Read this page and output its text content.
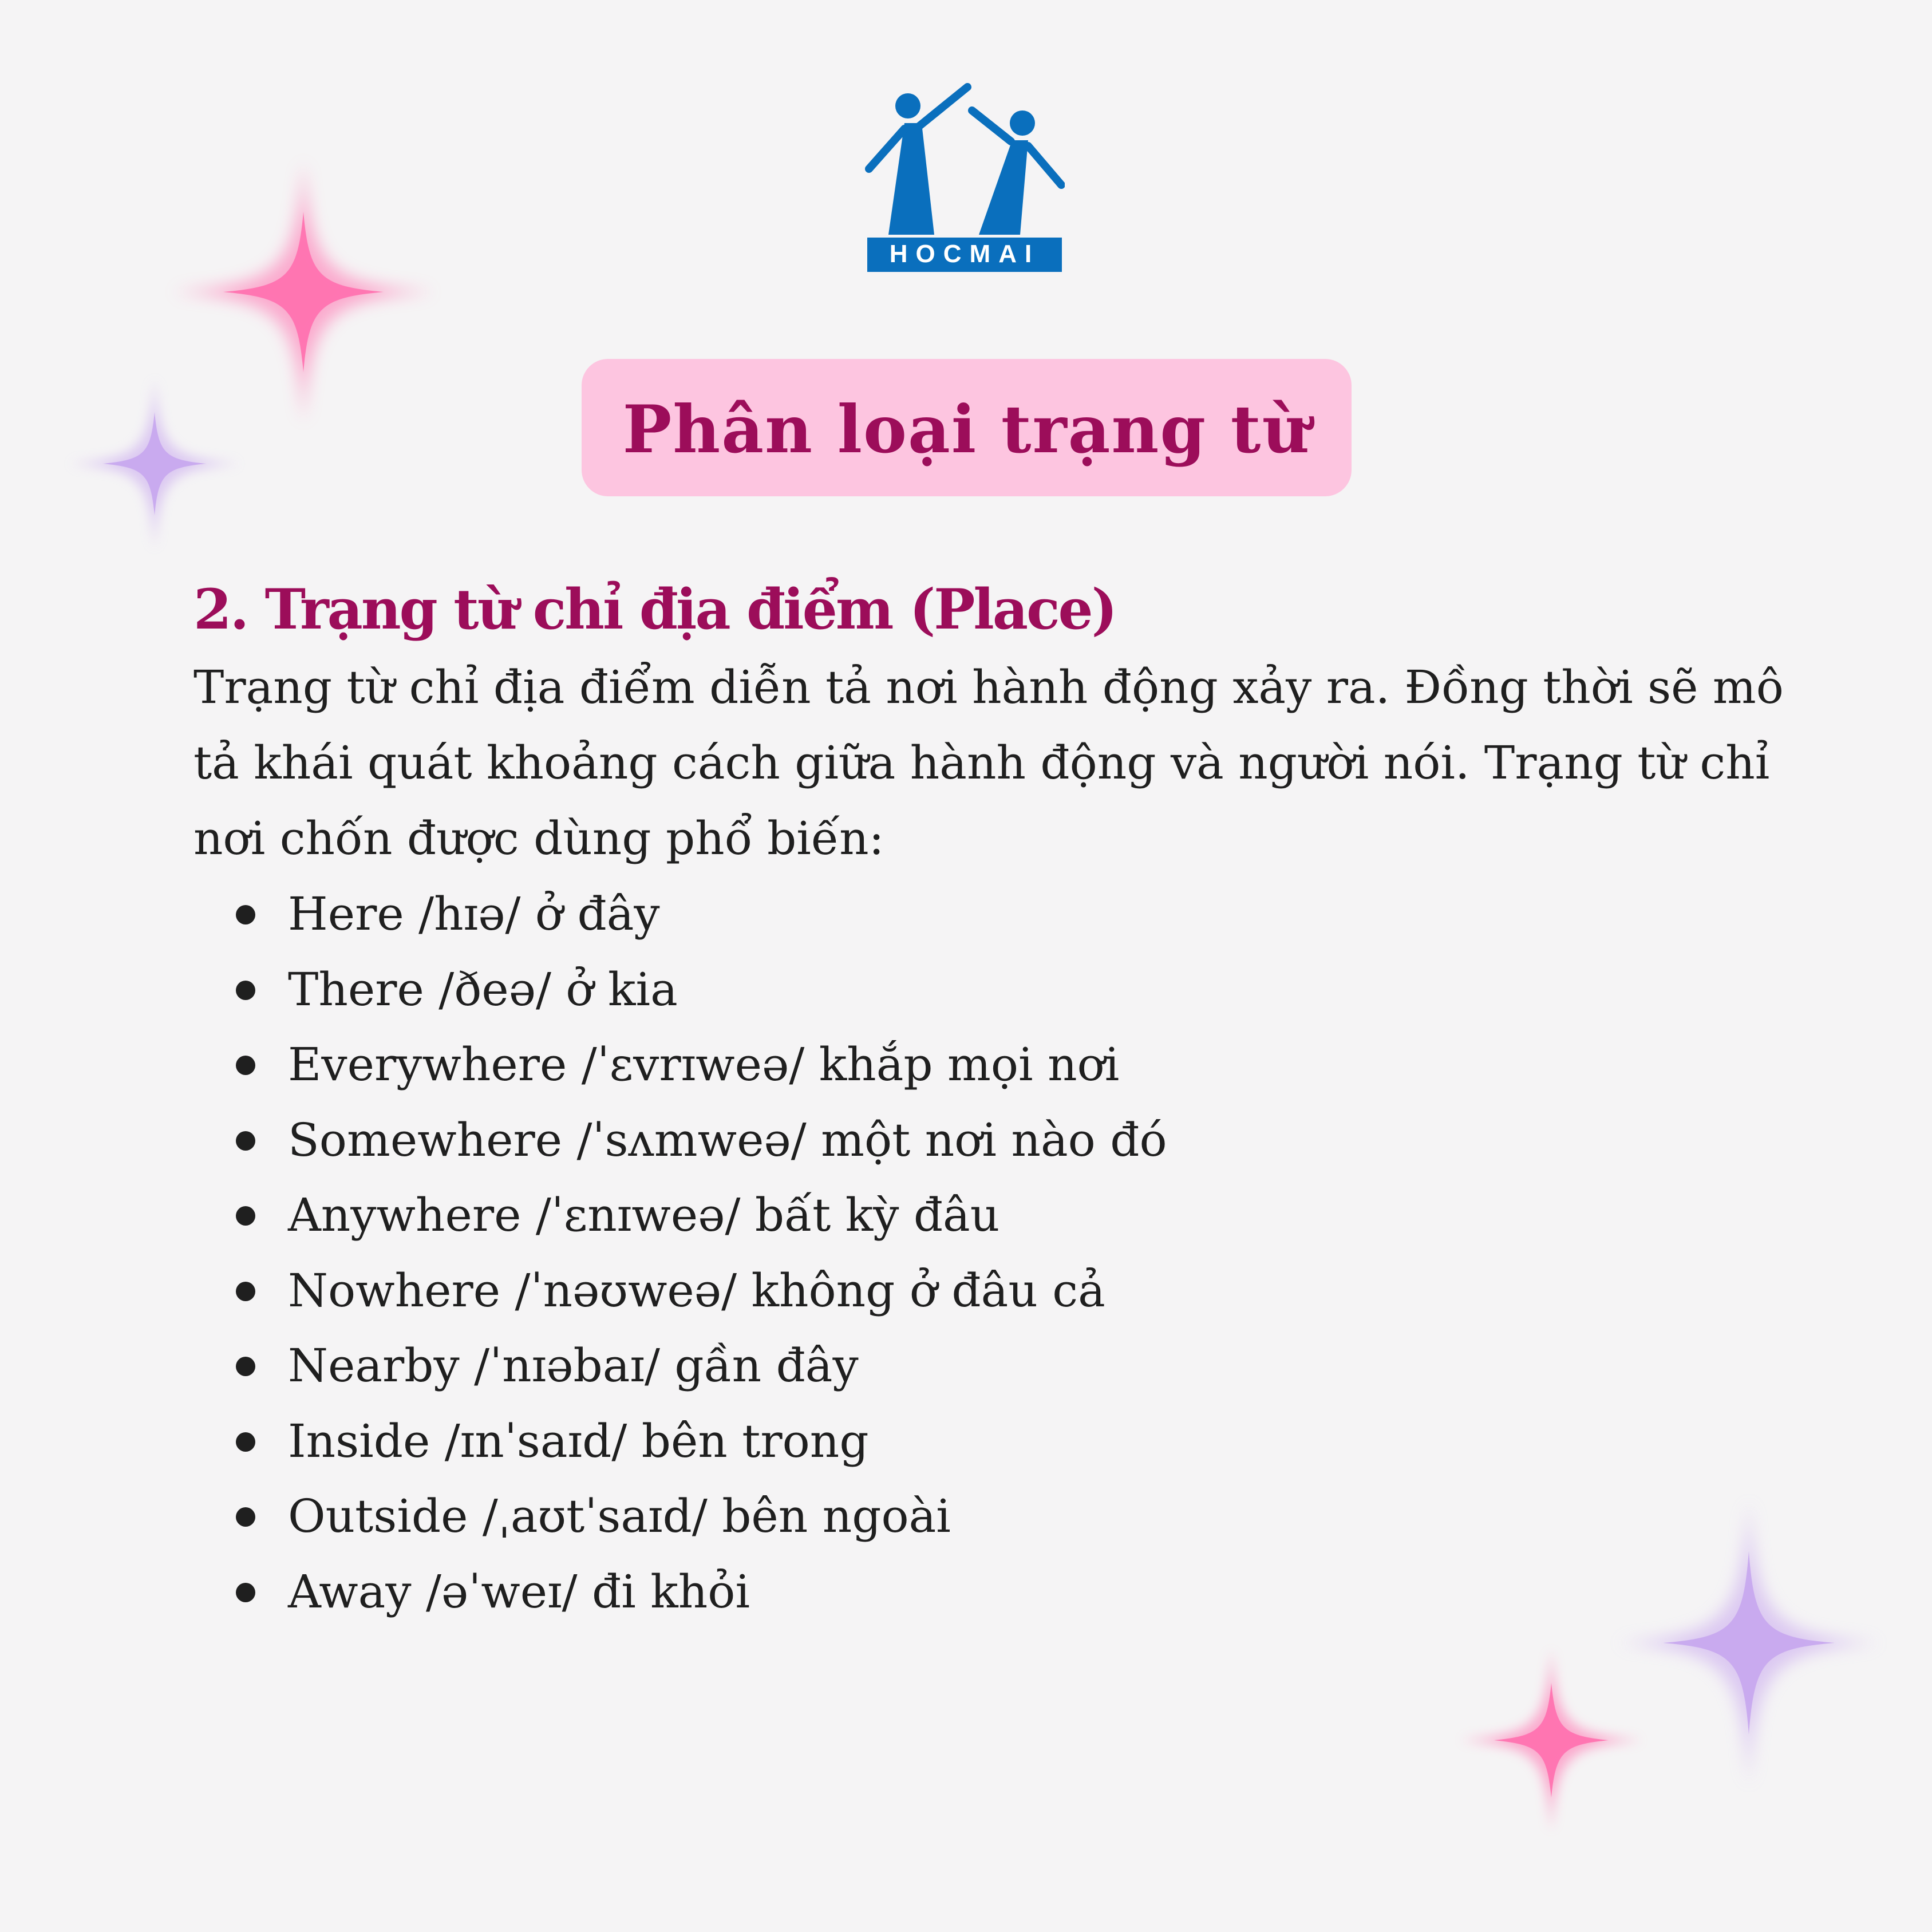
HOCMAI
Phân loại trạng từ
2. Trạng từ chỉ địa điểm (Place)

Trạng từ chỉ địa điểm diễn tả nơi hành động xảy ra. Đồng thời sẽ mô
tả khái quát khoảng cách giữa hành động và người nói. Trạng từ chỉ
nơi chốn được dùng phổ biến:

Here /hɪə/ ở đây
There /ðeə/ ở kia
Everywhere /ˈɛvrɪweə/ khắp mọi nơi
Somewhere /ˈsʌmweə/ một nơi nào đó
Anywhere /ˈɛnɪweə/ bất kỳ đâu
Nowhere /ˈnəʊweə/ không ở đâu cả
Nearby /ˈnɪəbaɪ/ gần đây
Inside /ɪnˈsaɪd/ bên trong
Outside /ˌaʊtˈsaɪd/ bên ngoài
Away /əˈweɪ/ đi khỏi
